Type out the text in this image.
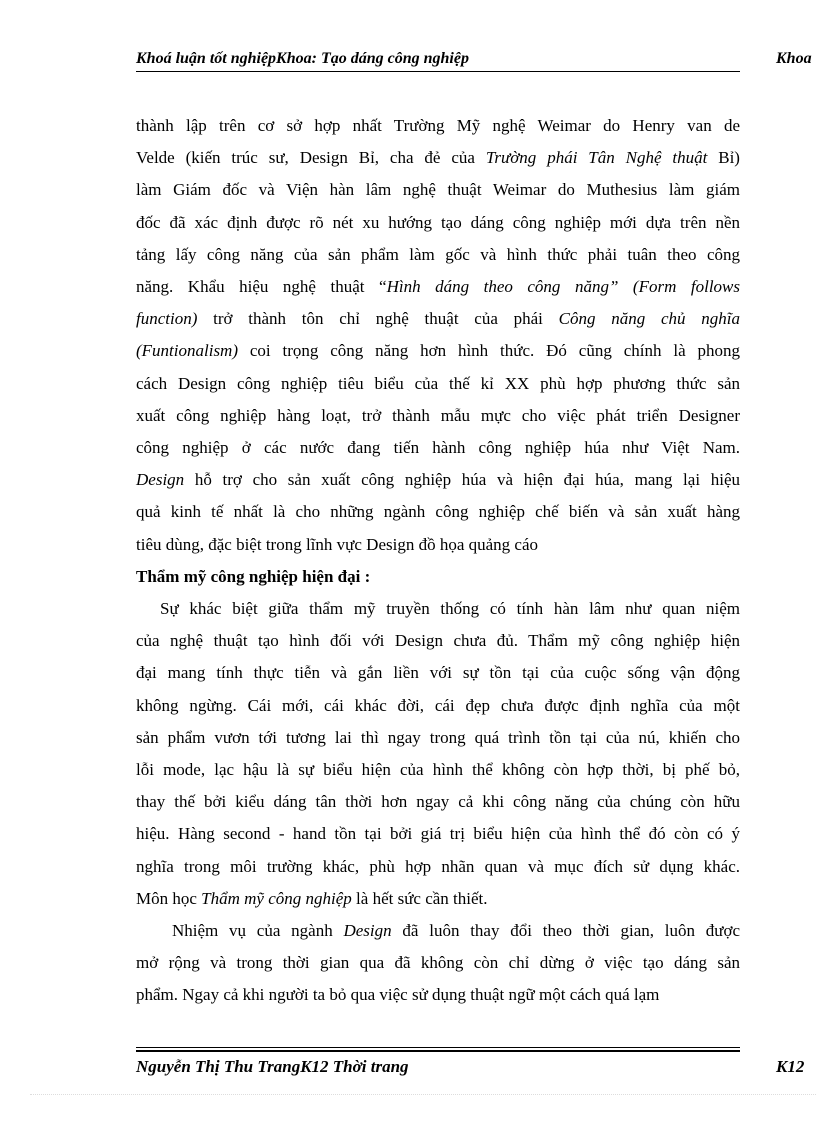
Khoá luận tốt nghiệpKhoa: Tạo dáng công nghiệp	Khoa

thành lập trên cơ sở hợp nhất Trường Mỹ nghệ Weimar do Henry van de
Velde (kiến trúc sư, Design Bỉ, cha đẻ của Trường phái Tân Nghệ thuật Bỉ)
làm Giám đốc và Viện hàn lâm nghệ thuật Weimar do Muthesius làm giám
đốc đã xác định được rõ nét xu hướng tạo dáng công nghiệp mới dựa trên nền
tảng lấy công năng của sản phẩm làm gốc và hình thức phải tuân theo công
năng. Khẩu hiệu nghệ thuật “Hình dáng theo công năng” (Form follows
function) trở thành tôn chỉ nghệ thuật của phái Công năng chủ nghĩa
(Funtionalism) coi trọng công năng hơn hình thức. Đó cũng chính là phong
cách Design công nghiệp tiêu biểu của thế kỉ XX phù hợp phương thức sản
xuất công nghiệp hàng loạt, trở thành mẫu mực cho việc phát triển Designer
công nghiệp ở các nước đang tiến hành công nghiệp húa như Việt Nam.
Design hỗ trợ cho sản xuất công nghiệp húa và hiện đại húa, mang lại hiệu
quả kinh tế nhất là cho những ngành công nghiệp chế biến và sản xuất hàng
tiêu dùng, đặc biệt trong lĩnh vực Design đồ họa quảng cáo

Thẩm mỹ công nghiệp hiện đại :

Sự khác biệt giữa thẩm mỹ truyền thống có tính hàn lâm như quan niệm
của nghệ thuật tạo hình đối với Design chưa đủ. Thẩm mỹ công nghiệp hiện
đại mang tính thực tiễn và gắn liền với sự tồn tại của cuộc sống vận động
không ngừng. Cái mới, cái khác đời, cái đẹp chưa được định nghĩa của một
sản phẩm vươn tới tương lai thì ngay trong quá trình tồn tại của nú, khiến cho
lỗi mode, lạc hậu là sự biểu hiện của hình thể không còn hợp thời, bị phế bỏ,
thay thế bởi kiểu dáng tân thời hơn ngay cả khi công năng của chúng còn hữu
hiệu. Hàng second - hand tồn tại bởi giá trị biểu hiện của hình thể đó còn có ý
nghĩa trong môi trường khác, phù hợp nhãn quan và mục đích sử dụng khác.
Môn học Thẩm mỹ công nghiệp là hết sức cần thiết.

Nhiệm vụ của ngành Design đã luôn thay đổi theo thời gian, luôn được
mở rộng và trong thời gian qua đã không còn chỉ dừng ở việc tạo dáng sản
phẩm. Ngay cả khi người ta bỏ qua việc sử dụng thuật ngữ một cách quá lạm

Nguyễn Thị Thu TrangK12 Thời trang	K12
